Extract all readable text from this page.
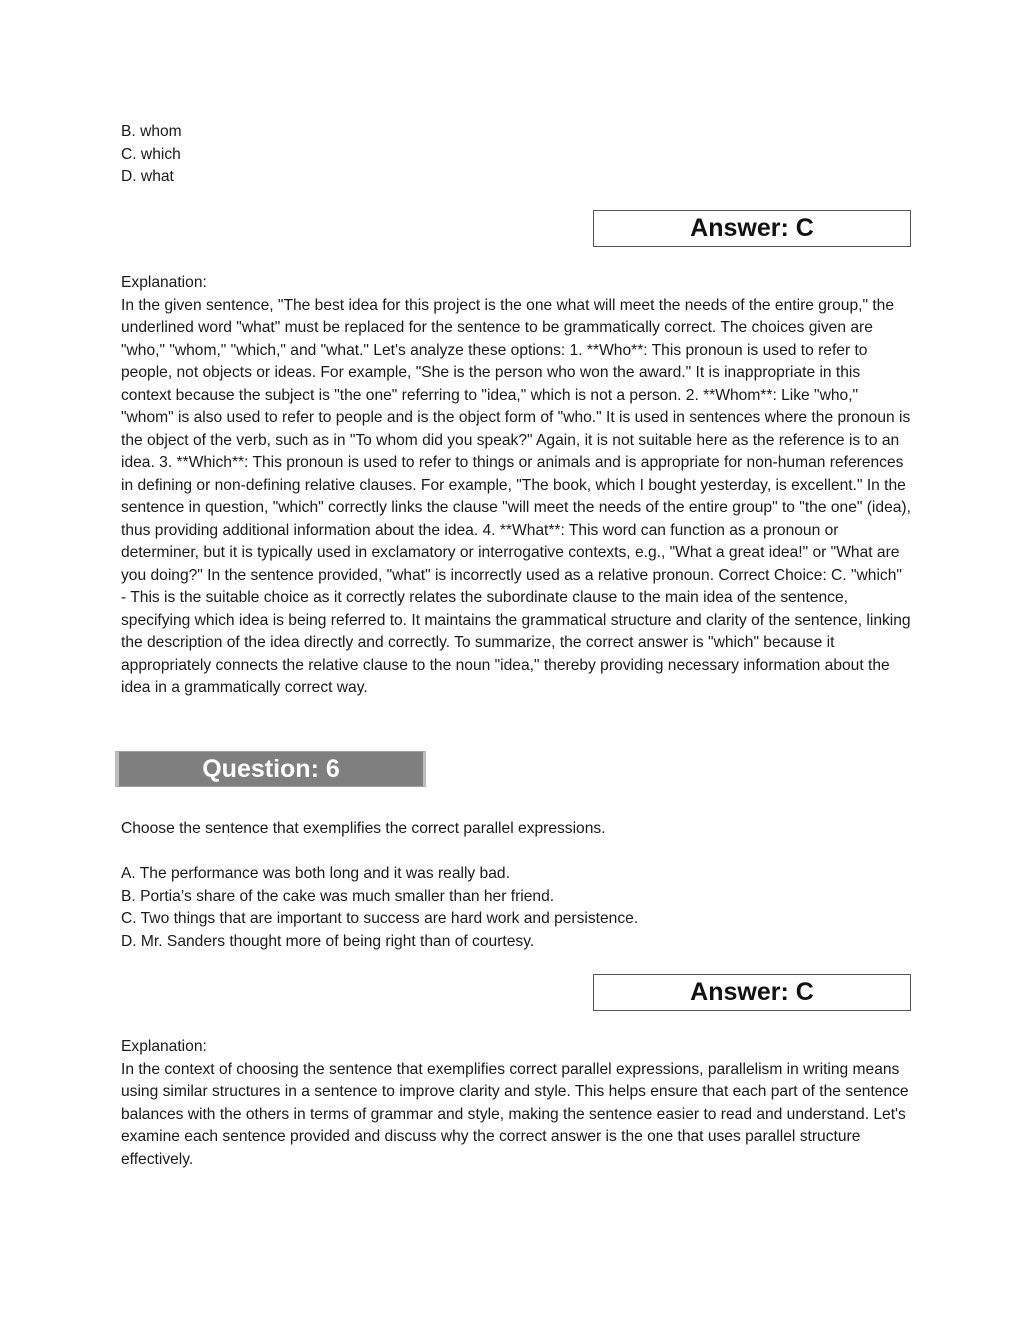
B. whom
C. which
D. what
Answer: C
Explanation:
In the given sentence, "The best idea for this project is the one what will meet the needs of the entire group," the underlined word "what" must be replaced for the sentence to be grammatically correct. The choices given are "who," "whom," "which," and "what." Let's analyze these options: 1. **Who**: This pronoun is used to refer to people, not objects or ideas. For example, "She is the person who won the award." It is inappropriate in this context because the subject is "the one" referring to "idea," which is not a person. 2. **Whom**: Like "who," "whom" is also used to refer to people and is the object form of "who." It is used in sentences where the pronoun is the object of the verb, such as in "To whom did you speak?" Again, it is not suitable here as the reference is to an idea. 3. **Which**: This pronoun is used to refer to things or animals and is appropriate for non-human references in defining or non-defining relative clauses. For example, "The book, which I bought yesterday, is excellent." In the sentence in question, "which" correctly links the clause "will meet the needs of the entire group" to "the one" (idea), thus providing additional information about the idea. 4. **What**: This word can function as a pronoun or determiner, but it is typically used in exclamatory or interrogative contexts, e.g., "What a great idea!" or "What are you doing?" In the sentence provided, "what" is incorrectly used as a relative pronoun. Correct Choice: C. "which" - This is the suitable choice as it correctly relates the subordinate clause to the main idea of the sentence, specifying which idea is being referred to. It maintains the grammatical structure and clarity of the sentence, linking the description of the idea directly and correctly. To summarize, the correct answer is "which" because it appropriately connects the relative clause to the noun "idea," thereby providing necessary information about the idea in a grammatically correct way.
Question: 6
Choose the sentence that exemplifies the correct parallel expressions.
A. The performance was both long and it was really bad.
B. Portia’s share of the cake was much smaller than her friend.
C. Two things that are important to success are hard work and persistence.
D. Mr. Sanders thought more of being right than of courtesy.
Answer: C
Explanation:
In the context of choosing the sentence that exemplifies correct parallel expressions, parallelism in writing means using similar structures in a sentence to improve clarity and style. This helps ensure that each part of the sentence balances with the others in terms of grammar and style, making the sentence easier to read and understand. Let's examine each sentence provided and discuss why the correct answer is the one that uses parallel structure effectively.
